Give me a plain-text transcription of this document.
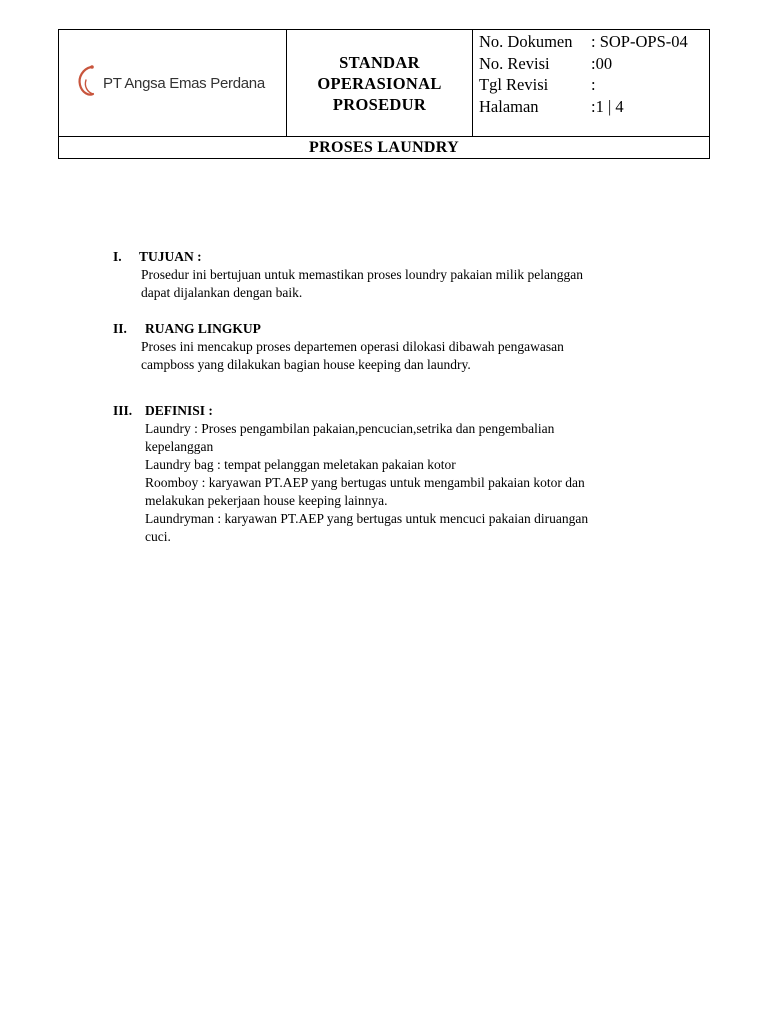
PT Angsa Emas Perdana

STANDAR
OPERASIONAL
PROSEDUR

No. Dokumen	: SOP-OPS-04
No. Revisi	:00
Tgl Revisi	:
Halaman	:1 | 4

PROSES LAUNDRY
I.	TUJUAN :
Prosedur ini bertujuan untuk memastikan proses loundry pakaian milik pelanggan
dapat dijalankan dengan baik.
II.	RUANG LINGKUP
Proses ini mencakup proses departemen operasi dilokasi dibawah pengawasan
campboss yang dilakukan bagian house keeping dan laundry.
III. DEFINISI :
Laundry : Proses pengambilan pakaian,pencucian,setrika dan pengembalian
kepelanggan
Laundry bag : tempat pelanggan meletakan pakaian kotor
Roomboy : karyawan PT.AEP yang bertugas untuk mengambil pakaian kotor dan
melakukan pekerjaan house keeping lainnya.
Laundryman : karyawan PT.AEP yang bertugas untuk mencuci pakaian diruangan
cuci.
